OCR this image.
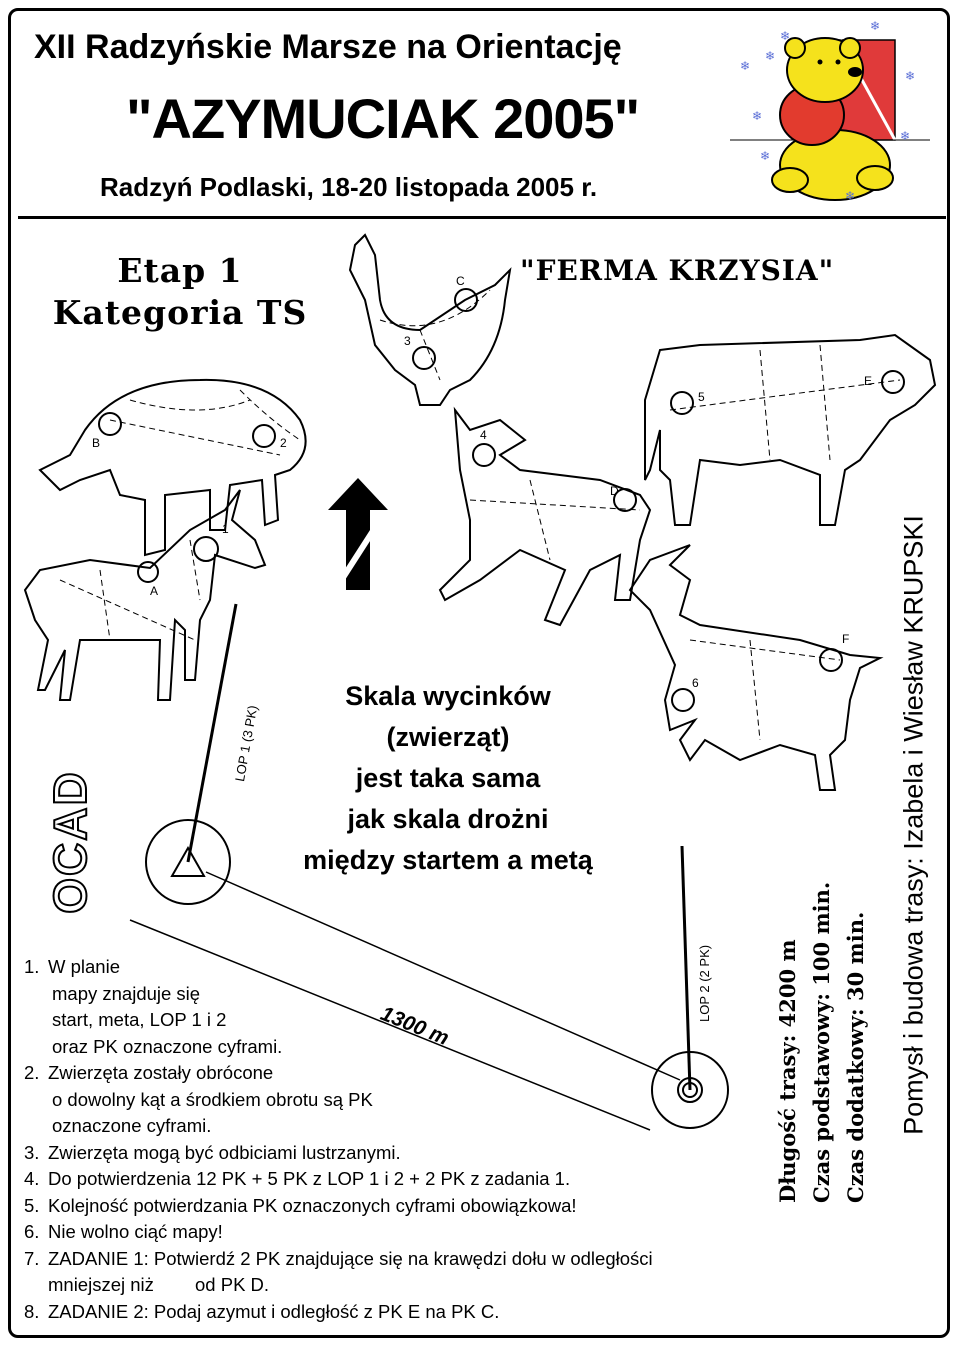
XII Radzyńskie Marsze na Orientację
"AZYMUCIAK 2005"
Radzyń Podlaski, 18-20 listopada 2005 r.
❄
❄
❄
❄
❄
❄
❄
❄
❄
Etap 1
Kategoria TS
"FERMA KRZYSIA"
B	2
1
A
C
3
4
D
5
E
F
6
LOP 1 (3 PK)
LOP 2 (2 PK)
1300 m
OCAD
Skala wycinków
(zwierząt)
jest taka sama
jak skala drożni
między startem a metą
1. W planie
mapy znajduje się
start, meta, LOP 1 i 2
oraz PK oznaczone cyframi.
2. Zwierzęta zostały obrócone
o dowolny kąt a środkiem obrotu są PK
oznaczone cyframi.
3. Zwierzęta mogą być odbiciami lustrzanymi.
4. Do potwierdzenia 12 PK + 5 PK z LOP 1 i 2 + 2 PK z zadania 1.
5. Kolejność potwierdzania PK oznaczonych cyframi obowiązkowa!
6. Nie wolno ciąć mapy!
7. ZADANIE 1: Potwierdź 2 PK znajdujące się na krawędzi dołu w odległości
mniejszej niż        od PK D.
8. ZADANIE 2: Podaj azymut i odległość z PK E na PK C.
Długość trasy: 4200 m Czas podstawowy: 100 min. Czas dodatkowy: 30 min. Pomysł i budowa trasy: Izabela i Wiesław KRUPSKI
